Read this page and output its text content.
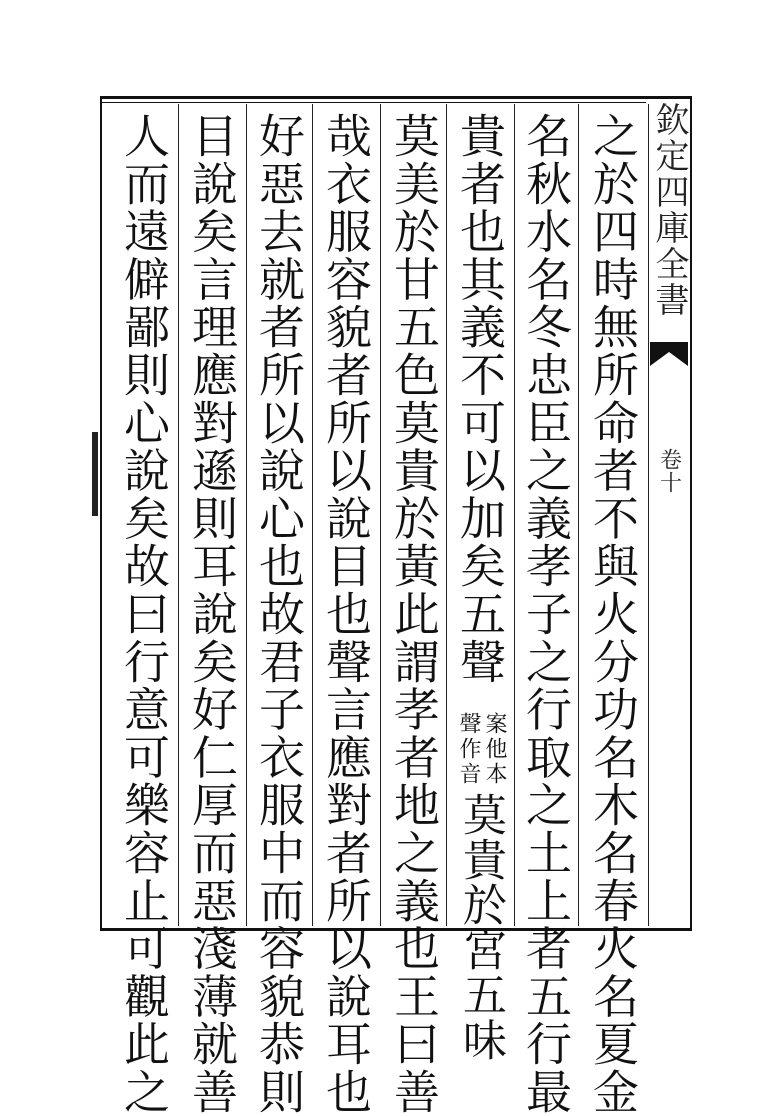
欽定四庫全書
卷十
之於四時無所命者不與火分功名木名春火名夏金
名秋水名冬忠臣之義孝子之行取之土上者五行最
貴者也其義不可以加矣五聲
案他本
聲作音
莫貴於宮五味
莫美於甘五色莫貴於黃此謂孝者地之義也王曰善
哉衣服容貌者所以說目也聲言應對者所以說耳也
好惡去就者所以說心也故君子衣服中而容貌恭則
目說矣言理應對遜則耳說矣好仁厚而惡淺薄就善
人而遠僻鄙則心說矣故曰行意可樂容止可觀此之
